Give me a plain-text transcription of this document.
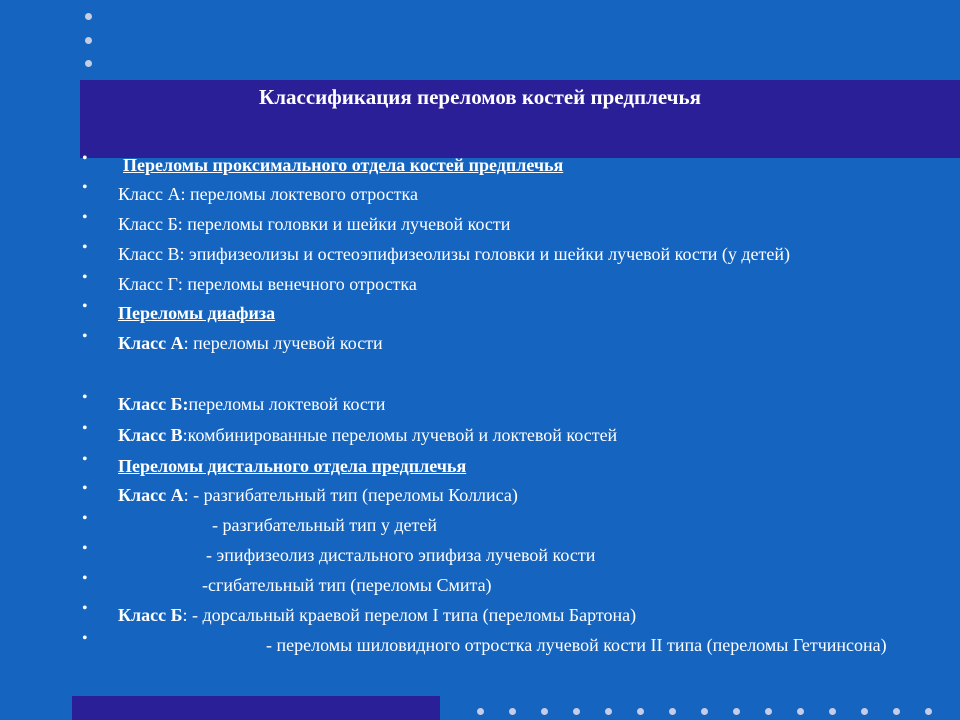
Классификация переломов костей предплечья
• Переломы проксимального отдела костей предплечья
• Класс А: переломы локтевого отростка
• Класс Б: переломы головки и шейки лучевой кости
• Класс В: эпифизеолизы и остеоэпифизеолизы головки и шейки лучевой кости (у детей)
• Класс Г: переломы венечного отростка
• Переломы диафиза
• Класс А: переломы лучевой кости
• Класс Б:переломы локтевой кости
• Класс В:комбинированные переломы лучевой и локтевой костей
• Переломы дистального отдела предплечья
• Класс А: - разгибательный тип (переломы Коллиса)
•	- разгибательный тип у детей
•	- эпифизеолиз дистального эпифиза лучевой кости
•	-сгибательный тип (переломы Смита)
• Класс Б: - дорсальный краевой перелом I типа (переломы Бартона)
•	- переломы шиловидного отростка лучевой кости II типа (переломы Гетчинсона)
